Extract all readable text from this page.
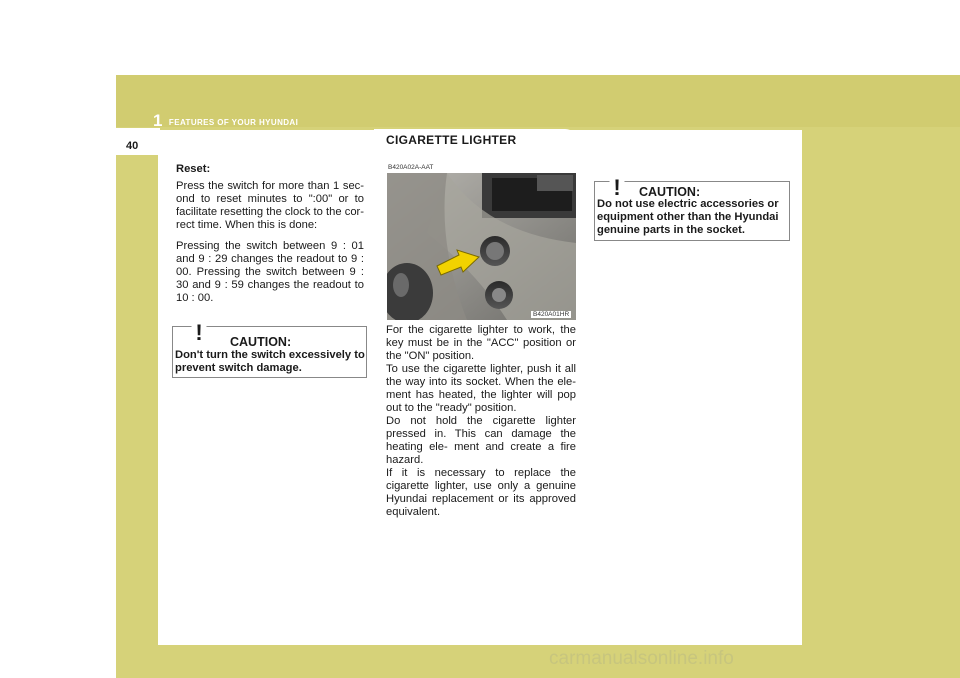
1 FEATURES OF YOUR HYUNDAI
40	CIGARETTE LIGHTER
Reset:

Press the switch for more than 1 sec- ond to reset minutes to ":00" or to facilitate resetting the clock to the cor- rect time. When this is done:

Pressing the switch between 9 : 01 and 9 : 29 changes the readout to 9 : 00. Pressing the switch between 9 : 30 and 9 : 59 changes the readout to 10 : 00.

! CAUTION:
Don't turn the switch excessively to prevent switch damage.
B420A02A-AAT
B420A01HR

For the cigarette lighter to work, the key must be in the "ACC" position or the "ON" position.

To use the cigarette lighter, push it all the way into its socket. When the ele- ment has heated, the lighter will pop out to the "ready" position.

Do not hold the cigarette lighter pressed in. This can damage the heating ele- ment and create a fire hazard.

If it is necessary to replace the cigarette lighter, use only a genuine Hyundai replacement or its approved equivalent.

! CAUTION:
Do not use electric accessories or equipment other than the Hyundai genuine parts in the socket.
carmanualsonline.info
